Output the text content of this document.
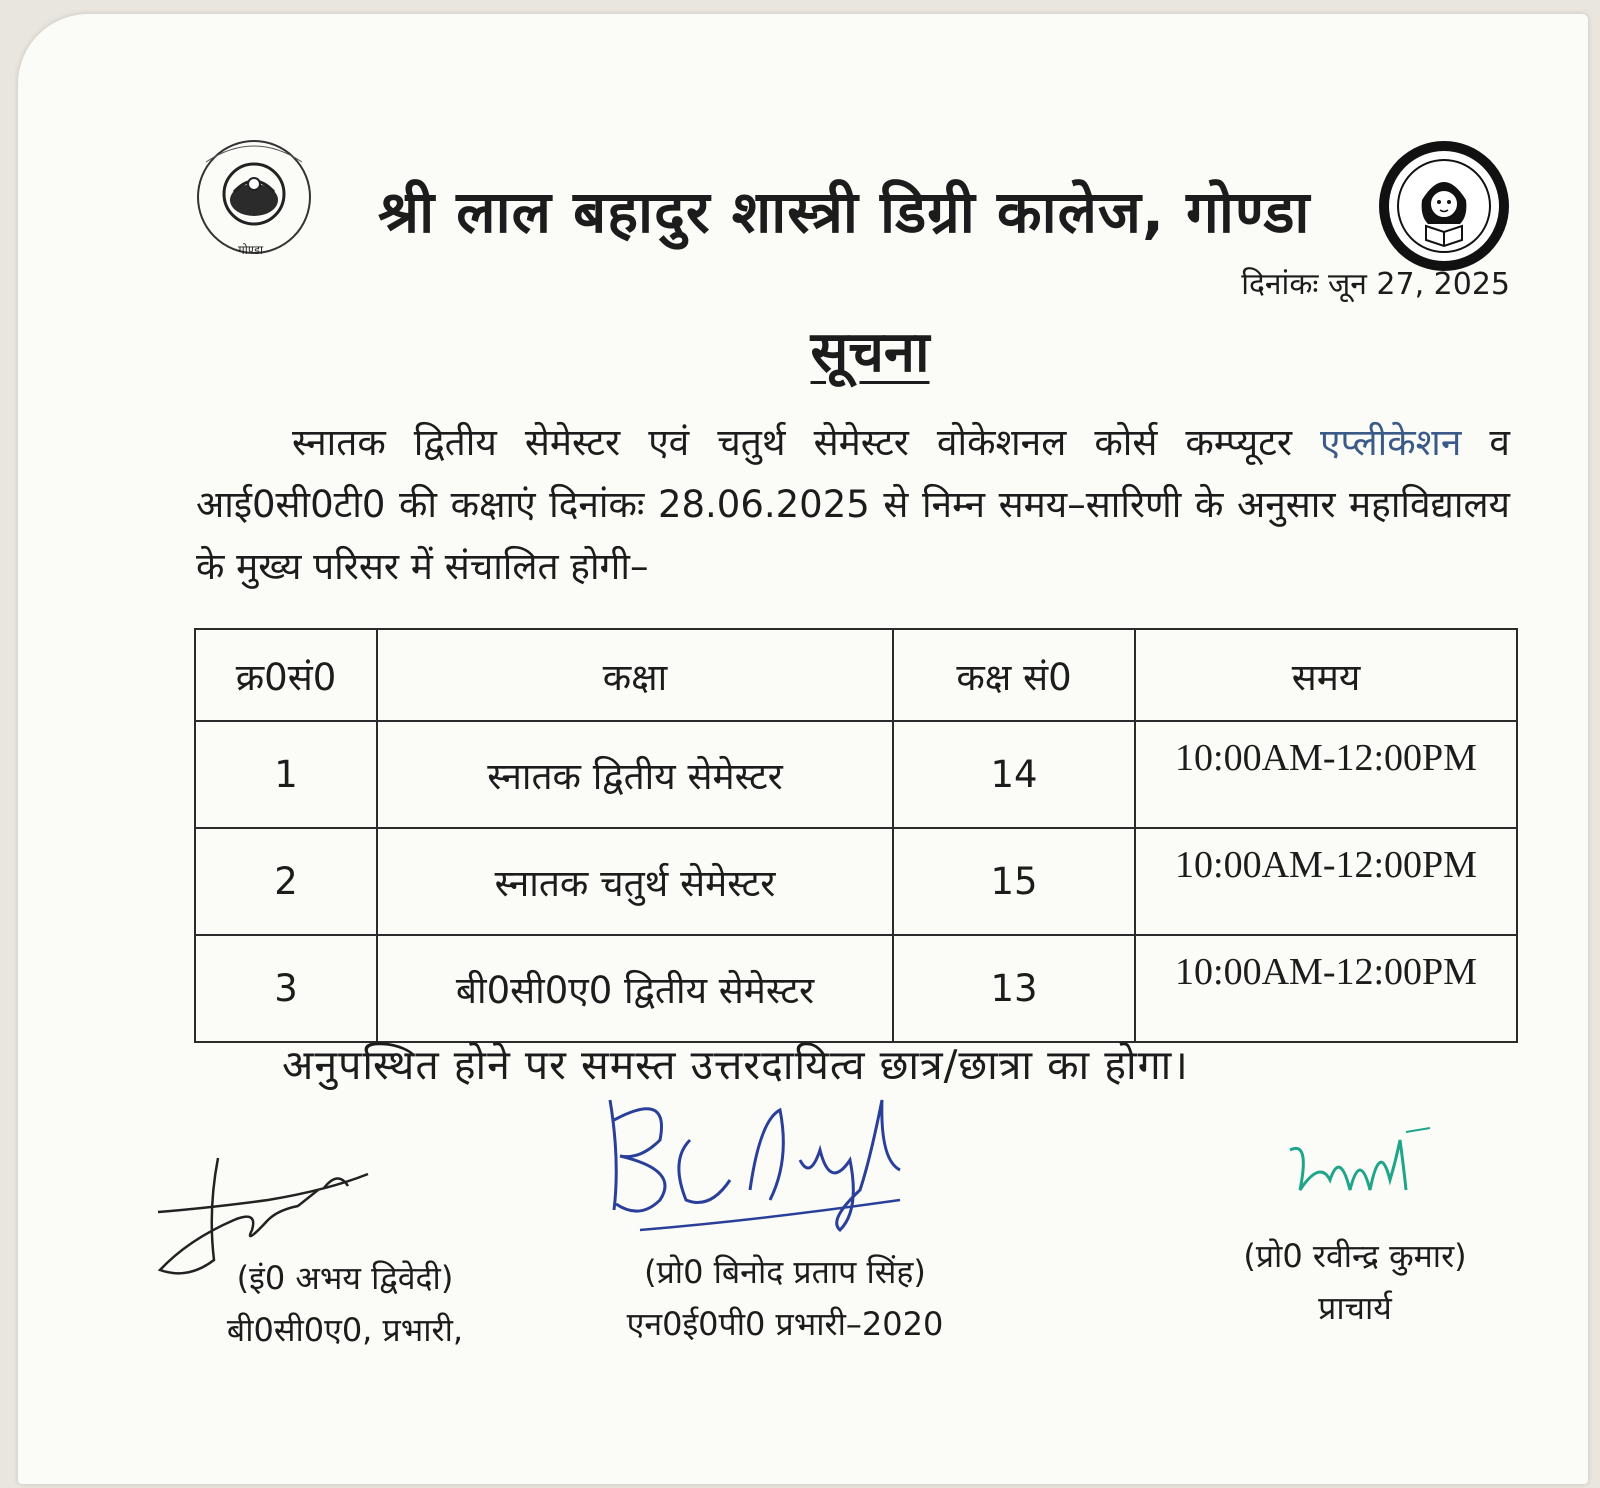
गोण्डा
श्री लाल बहादुर शास्त्री डिग्री कालेज, गोण्डा
दिनांकः जून 27, 2025
सूचना
स्नातक द्वितीय सेमेस्टर एवं चतुर्थ सेमेस्टर वोकेशनल कोर्स कम्प्यूटर एप्लीकेशन व आई0सी0टी0 की कक्षाएं दिनांकः 28.06.2025 से निम्न समय–सारिणी के अनुसार महाविद्यालय के मुख्य परिसर में संचालित होगी–
क्र0सं0	कक्षा	कक्ष सं0	समय
1	स्नातक द्वितीय सेमेस्टर	14	10:00AM-12:00PM
2	स्नातक चतुर्थ सेमेस्टर	15	10:00AM-12:00PM
3	बी0सी0ए0 द्वितीय सेमेस्टर	13	10:00AM-12:00PM
अनुपस्थित होने पर समस्त उत्तरदायित्व छात्र/छात्रा का होगा।
(इं0 अभय द्विवेदी)
बी0सी0ए0, प्रभारी,
(प्रो0 बिनोद प्रताप सिंह)
एन0ई0पी0 प्रभारी–2020
(प्रो0 रवीन्द्र कुमार)
प्राचार्य
